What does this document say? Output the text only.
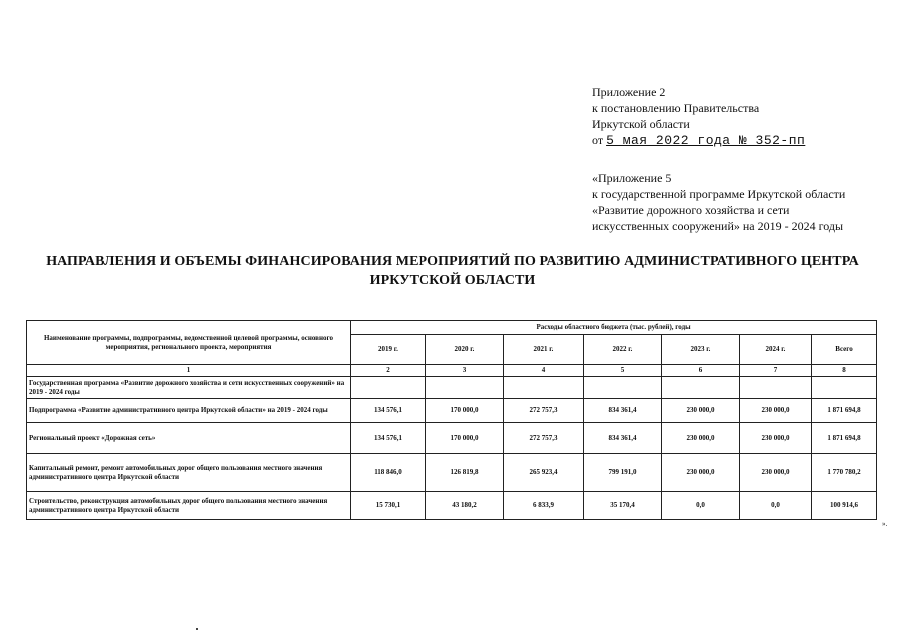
Приложение 2
к постановлению Правительства
Иркутской области
от 5 мая 2022 года № 352-пп
«Приложение 5
к государственной программе Иркутской области
«Развитие дорожного хозяйства и сети
искусственных сооружений» на 2019 - 2024 годы
НАПРАВЛЕНИЯ И ОБЪЕМЫ ФИНАНСИРОВАНИЯ МЕРОПРИЯТИЙ ПО РАЗВИТИЮ АДМИНИСТРАТИВНОГО ЦЕНТРА
ИРКУТСКОЙ ОБЛАСТИ
Наименование программы, подпрограммы, ведомственной целевой программы, основного мероприятия, регионального проекта, мероприятия	Расходы областного бюджета (тыс. рублей), годы						
	2019 г.	2020 г.	2021 г.	2022 г.	2023 г.	2024 г.	Всего
1	2	3	4	5	6	7	8
Государственная программа «Развитие дорожного хозяйства и сети искусственных сооружений» на 2019 - 2024 годы							
Подпрограмма «Развитие административного центра Иркутской области» на 2019 - 2024 годы	134 576,1	170 000,0	272 757,3	834 361,4	230 000,0	230 000,0	1 871 694,8
Региональный проект «Дорожная сеть»	134 576,1	170 000,0	272 757,3	834 361,4	230 000,0	230 000,0	1 871 694,8
Капитальный ремонт, ремонт автомобильных дорог общего пользования местного значения административного центра Иркутской области	118 846,0	126 819,8	265 923,4	799 191,0	230 000,0	230 000,0	1 770 780,2
Строительство, реконструкция автомобильных дорог общего пользования местного значения административного центра Иркутской области	15 730,1	43 180,2	6 833,9	35 170,4	0,0	0,0	100 914,6
».
